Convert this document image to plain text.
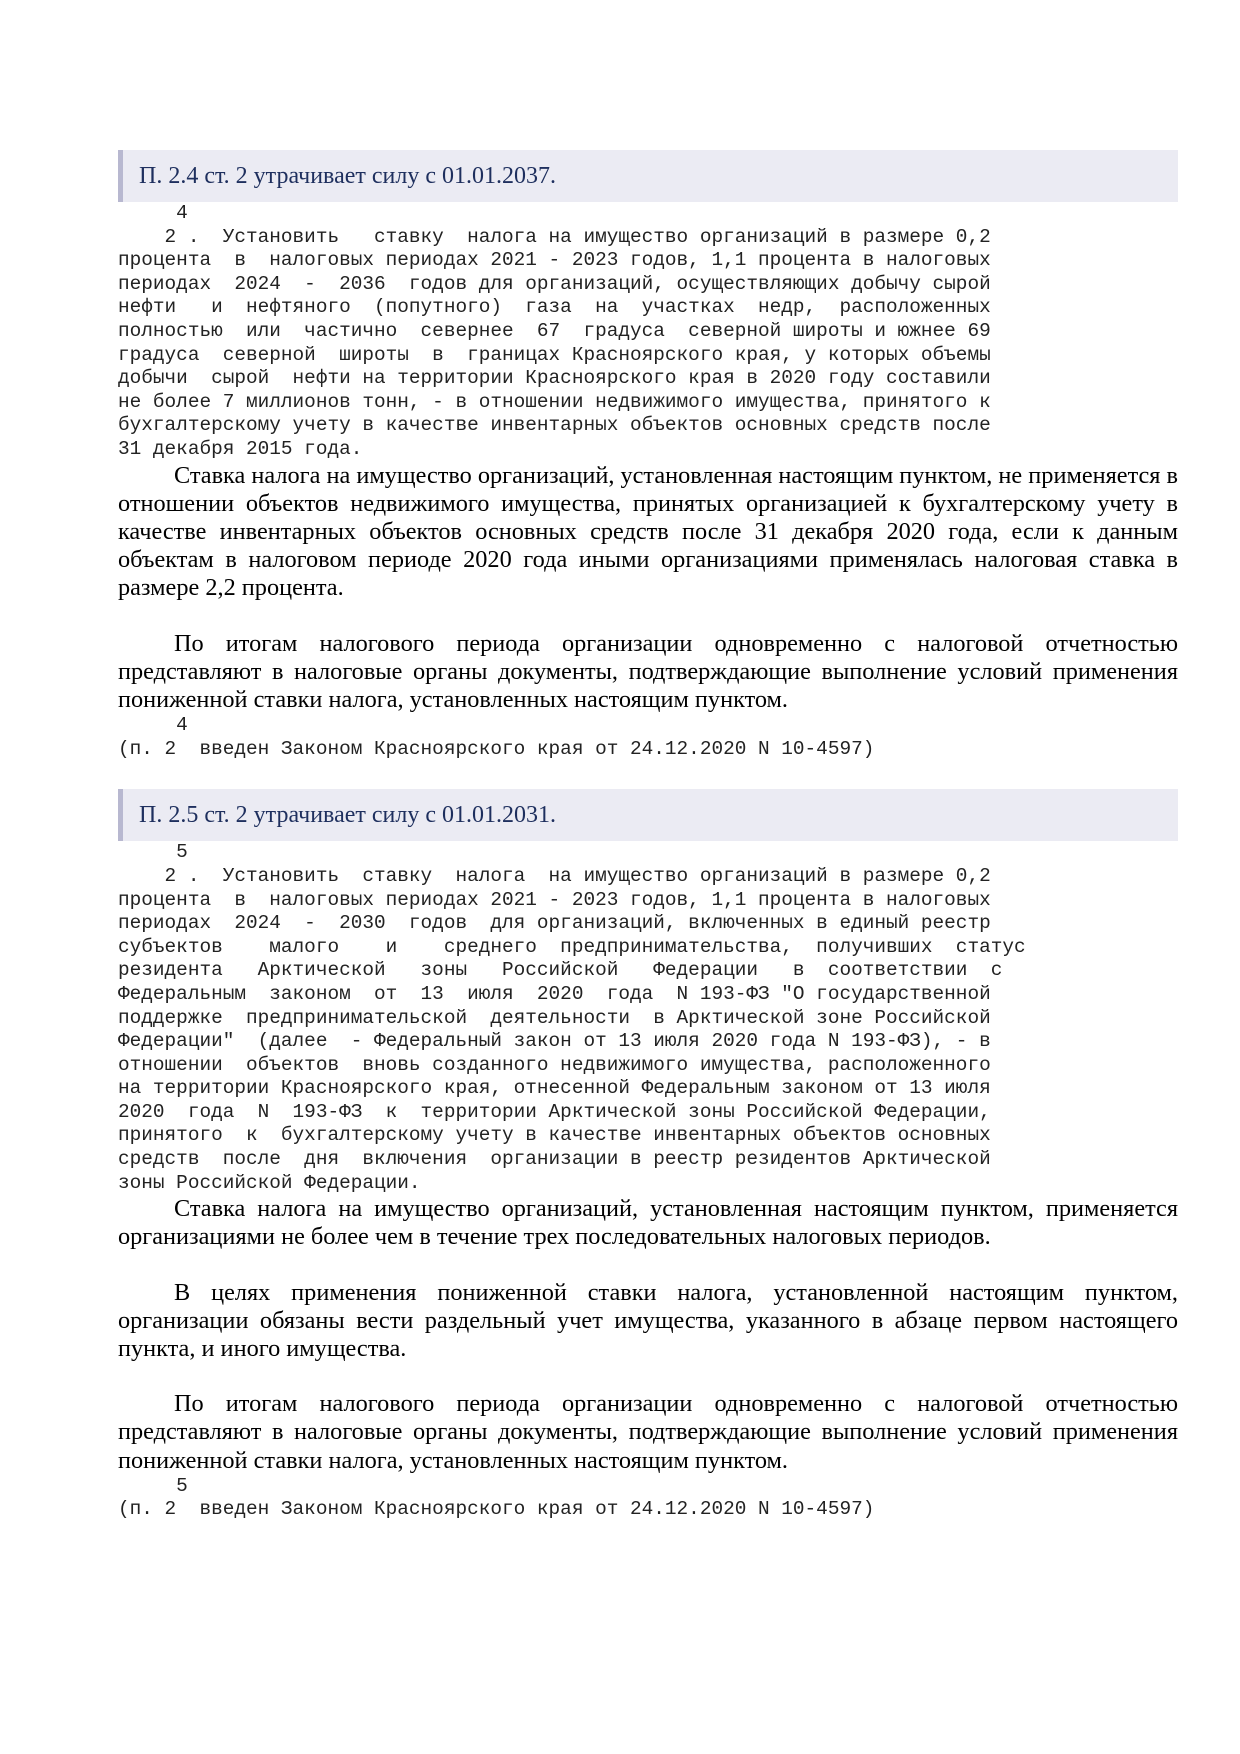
П. 2.4 ст. 2 утрачивает силу с 01.01.2037.
4
2 .  Установить   ставку  налога на имущество организаций в размере 0,2
процента  в  налоговых периодах 2021 - 2023 годов, 1,1 процента в налоговых
периодах  2024  -  2036  годов для организаций, осуществляющих добычу сырой
нефти   и  нефтяного  (попутного)  газа  на  участках  недр,  расположенных
полностью  или  частично  севернее  67  градуса  северной широты и южнее 69
градуса  северной  широты  в  границах Красноярского края, у которых объемы
добычи  сырой  нефти на территории Красноярского края в 2020 году составили
не более 7 миллионов тонн, - в отношении недвижимого имущества, принятого к
бухгалтерскому учету в качестве инвентарных объектов основных средств после
31 декабря 2015 года.

Ставка налога на имущество организаций, установленная настоящим пунктом, не применяется в отношении объектов недвижимого имущества, принятых организацией к бухгалтерскому учету в качестве инвентарных объектов основных средств после 31 декабря 2020 года, если к данным объектам в налоговом периоде 2020 года иными организациями применялась налоговая ставка в размере 2,2 процента.

По итогам налогового периода организации одновременно с налоговой отчетностью представляют в налоговые органы документы, подтверждающие выполнение условий применения пониженной ставки налога, установленных настоящим пунктом.

4
(п. 2  введен Законом Красноярского края от 24.12.2020 N 10-4597)
П. 2.5 ст. 2 утрачивает силу с 01.01.2031.
5
2 .  Установить  ставку  налога  на имущество организаций в размере 0,2
процента  в  налоговых периодах 2021 - 2023 годов, 1,1 процента в налоговых
периодах  2024  -  2030  годов  для организаций, включенных в единый реестр
субъектов    малого    и    среднего  предпринимательства,  получивших  статус
резидента   Арктической   зоны   Российской   Федерации   в  соответствии  с
Федеральным  законом  от  13  июля  2020  года  N 193-ФЗ "О государственной
поддержке  предпринимательской  деятельности  в Арктической зоне Российской
Федерации"  (далее  - Федеральный закон от 13 июля 2020 года N 193-ФЗ), - в
отношении  объектов  вновь созданного недвижимого имущества, расположенного
на территории Красноярского края, отнесенной Федеральным законом от 13 июля
2020  года  N  193-ФЗ  к  территории Арктической зоны Российской Федерации,
принятого  к  бухгалтерскому учету в качестве инвентарных объектов основных
средств  после  дня  включения  организации в реестр резидентов Арктической
зоны Российской Федерации.

Ставка налога на имущество организаций, установленная настоящим пунктом, применяется организациями не более чем в течение трех последовательных налоговых периодов.

В целях применения пониженной ставки налога, установленной настоящим пунктом, организации обязаны вести раздельный учет имущества, указанного в абзаце первом настоящего пункта, и иного имущества.

По итогам налогового периода организации одновременно с налоговой отчетностью представляют в налоговые органы документы, подтверждающие выполнение условий применения пониженной ставки налога, установленных настоящим пунктом.

5
(п. 2  введен Законом Красноярского края от 24.12.2020 N 10-4597)
